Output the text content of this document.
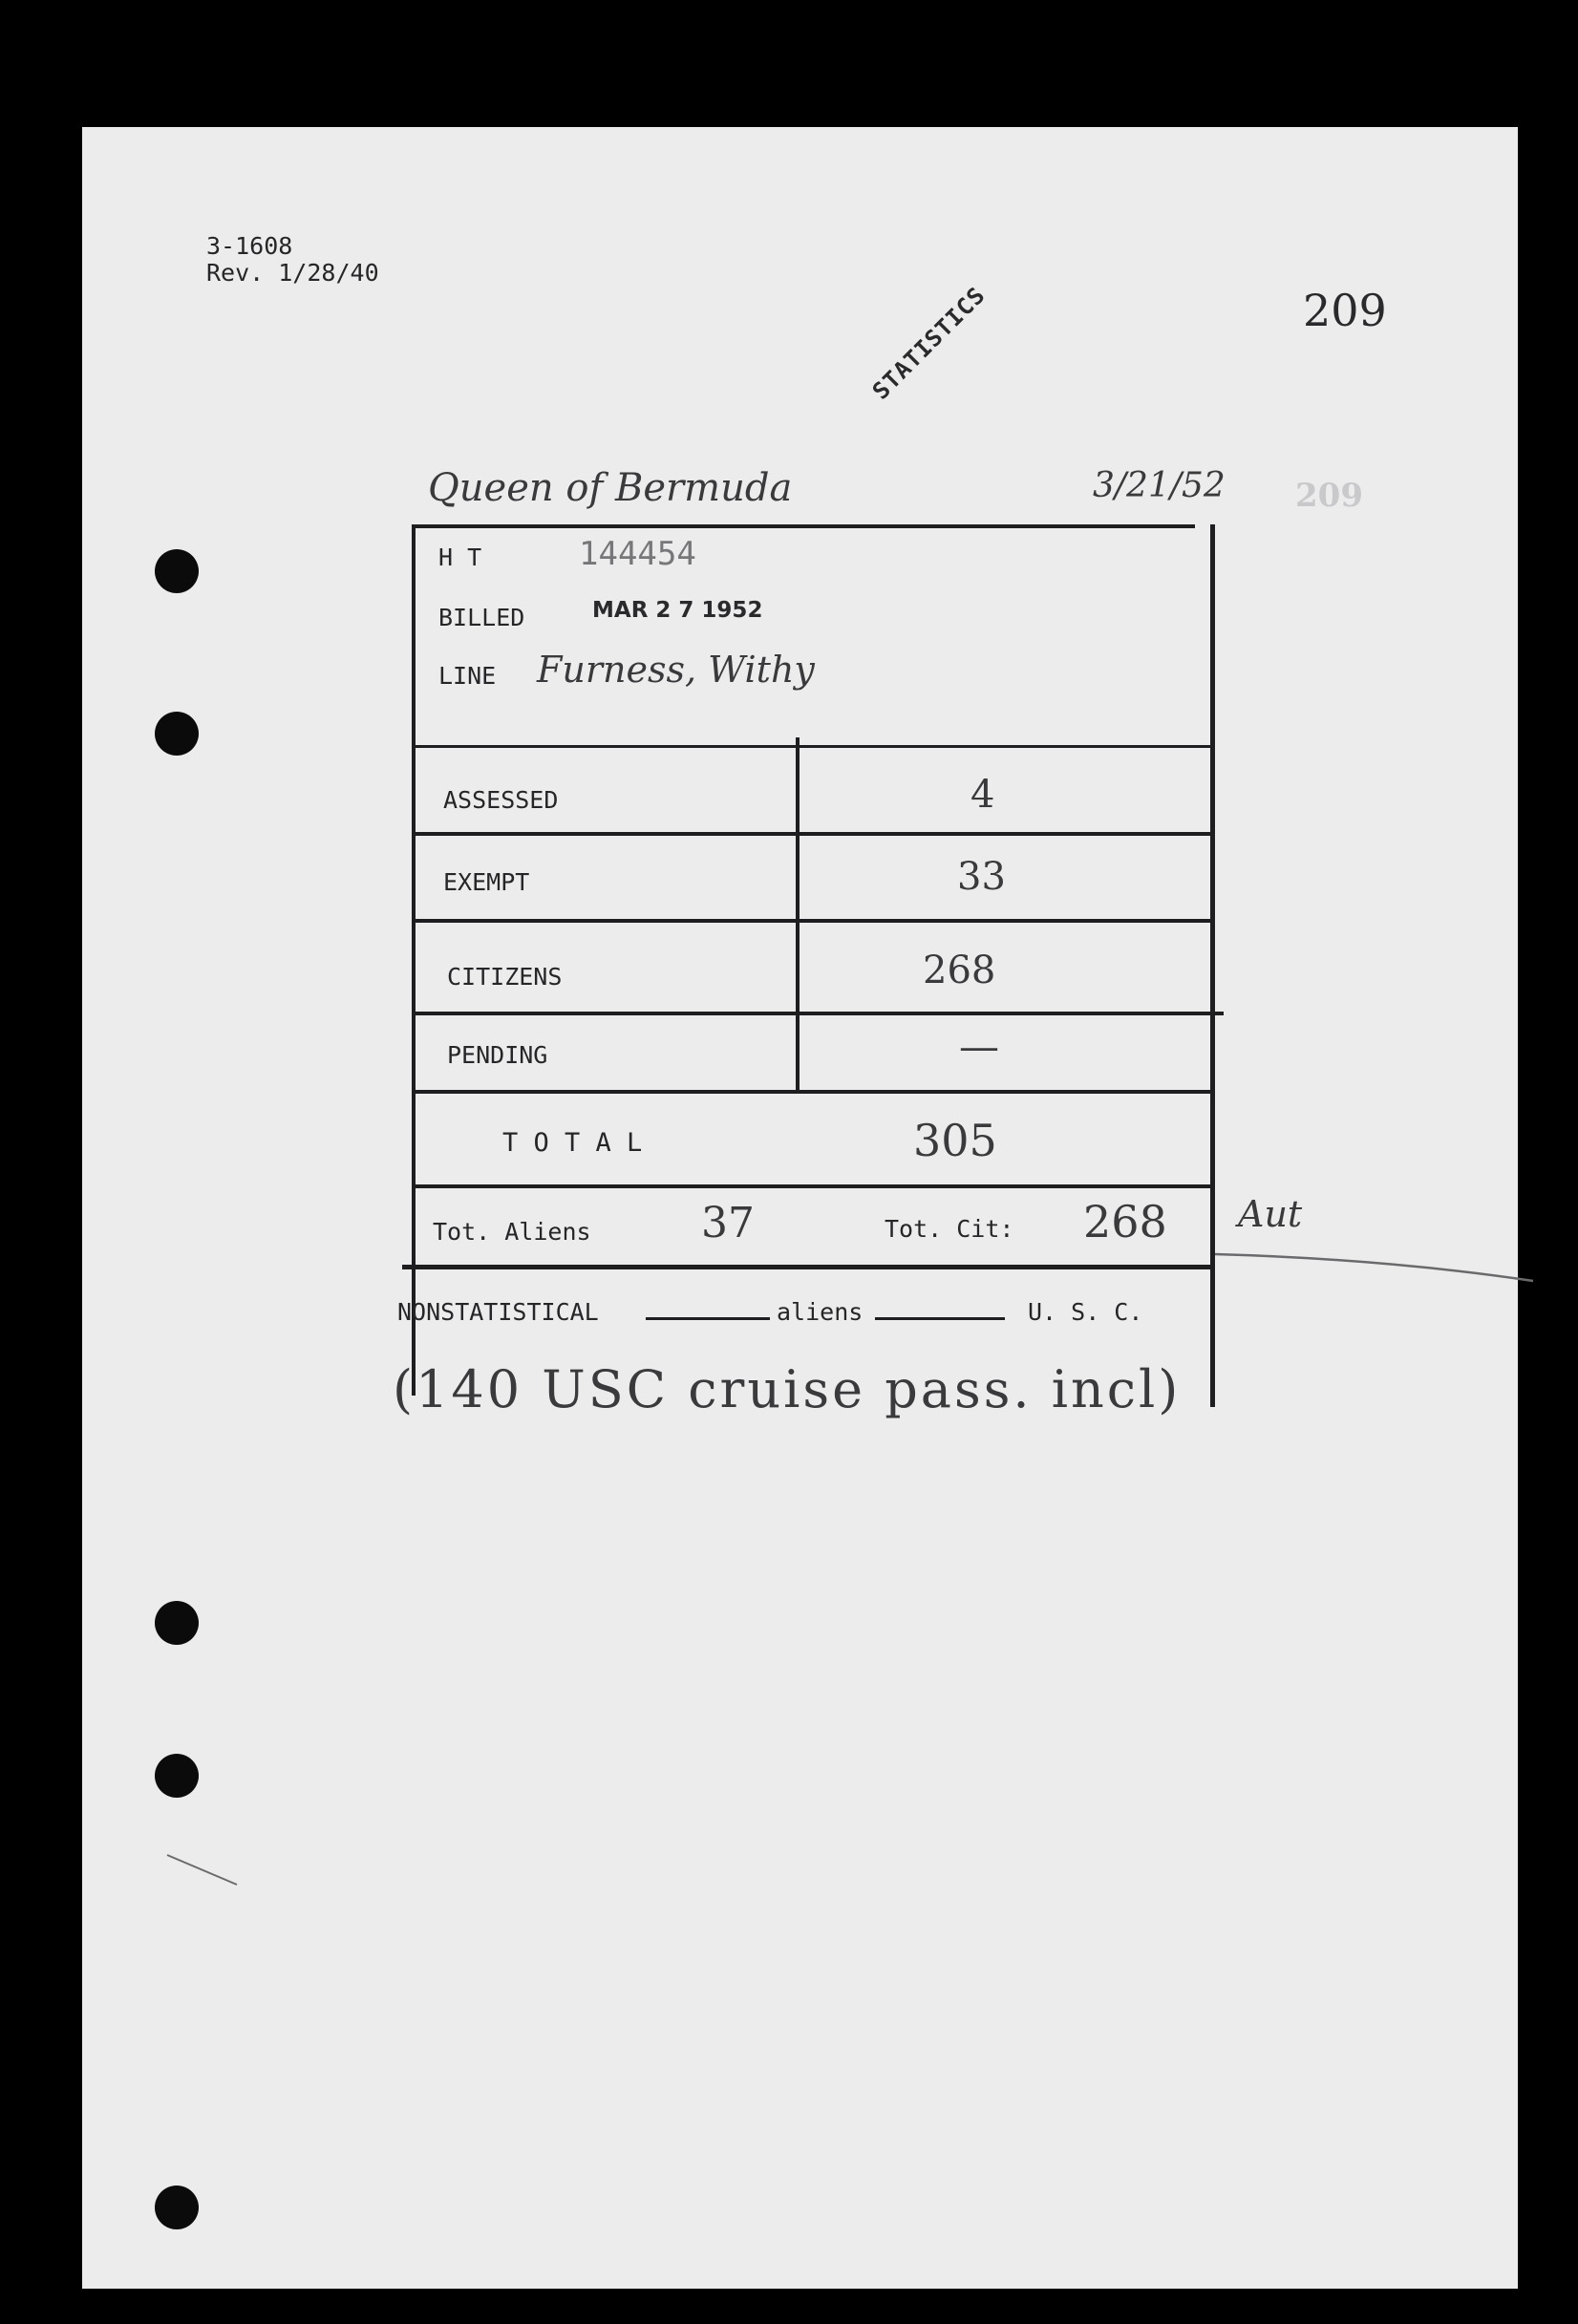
3-1608
Rev. 1/28/40
STATISTICS	209
Queen of Bermuda	3/21/52 209
H T	144454
BILLED	MAR 2 7 1952
LINE Furness, Withy
ASSESSED	4
EXEMPT	33
CITIZENS	268
PENDING	—
T O T A L	305
Tot. Aliens	37	Tot. Cit: 268 Aut
NONSTATISTICAL	aliens	U. S. C.
(140 USC cruise pass. incl)
